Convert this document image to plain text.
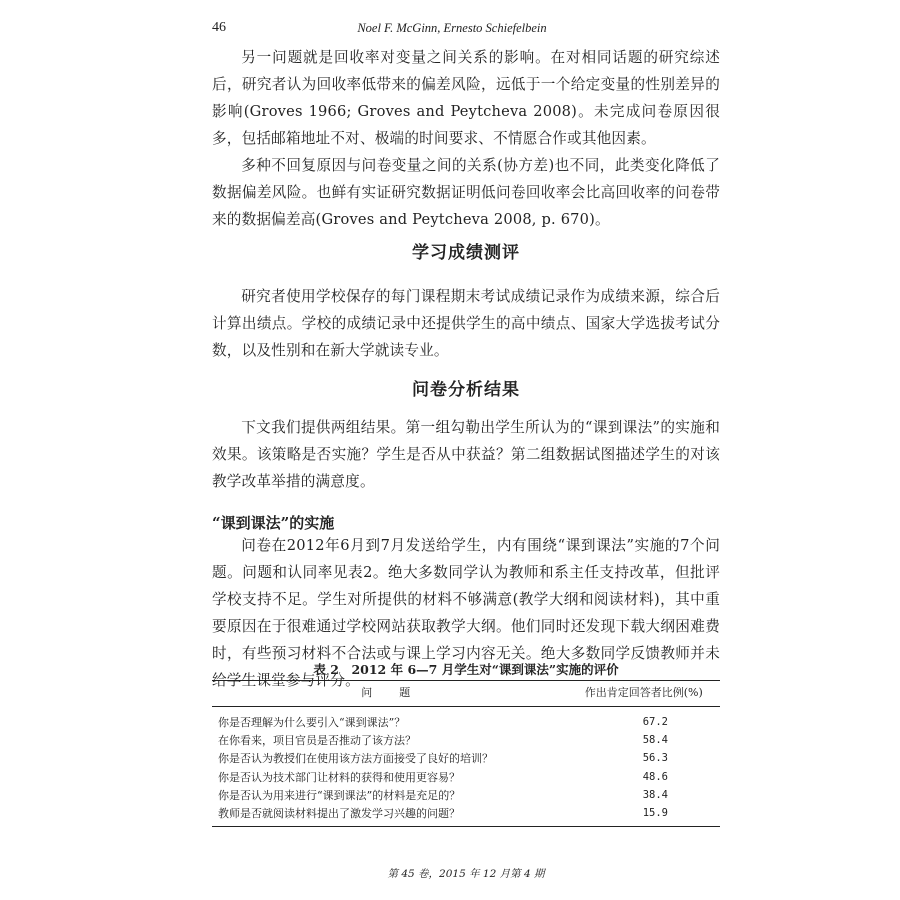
46	Noel F. McGinn, Ernesto Schiefelbein

另一问题就是回收率对变量之间关系的影响。在对相同话题的研究综述后，研究者认为回收率低带来的偏差风险，远低于一个给定变量的性别差异的影响(Groves 1966; Groves and Peytcheva 2008)。未完成问卷原因很多，包括邮箱地址不对、极端的时间要求、不情愿合作或其他因素。

多种不回复原因与问卷变量之间的关系(协方差)也不同，此类变化降低了数据偏差风险。也鲜有实证研究数据证明低问卷回收率会比高回收率的问卷带来的数据偏差高(Groves and Peytcheva 2008, p. 670)。

学习成绩测评

研究者使用学校保存的每门课程期末考试成绩记录作为成绩来源，综合后计算出绩点。学校的成绩记录中还提供学生的高中绩点、国家大学选拔考试分数，以及性别和在新大学就读专业。

问卷分析结果

下文我们提供两组结果。第一组勾勒出学生所认为的“课到课法”的实施和效果。该策略是否实施？学生是否从中获益？第二组数据试图描述学生的对该教学改革举措的满意度。

“课到课法”的实施

问卷在2012年6月到7月发送给学生，内有围绕“课到课法”实施的7个问题。问题和认同率见表2。绝大多数同学认为教师和系主任支持改革，但批评学校支持不足。学生对所提供的材料不够满意(教学大纲和阅读材料)，其中重要原因在于很难通过学校网站获取教学大纲。他们同时还发现下载大纲困难费时，有些预习材料不合法或与课上学习内容无关。绝大多数同学反馈教师并未给学生课堂参与评分。

表 2　2012 年 6—7 月学生对“课到课法”实施的评价
问　题	作出肯定回答者比例(%)
你是否理解为什么要引入“课到课法”？	67.2
在你看来，项目官员是否推动了该方法？	58.4
你是否认为教授们在使用该方法方面接受了良好的培训？	56.3
你是否认为技术部门让材料的获得和使用更容易？	48.6
你是否认为用来进行“课到课法”的材料是充足的？	38.4
教师是否就阅读材料提出了激发学习兴趣的问题？	15.9
第 45 卷，2015 年 12 月第 4 期
